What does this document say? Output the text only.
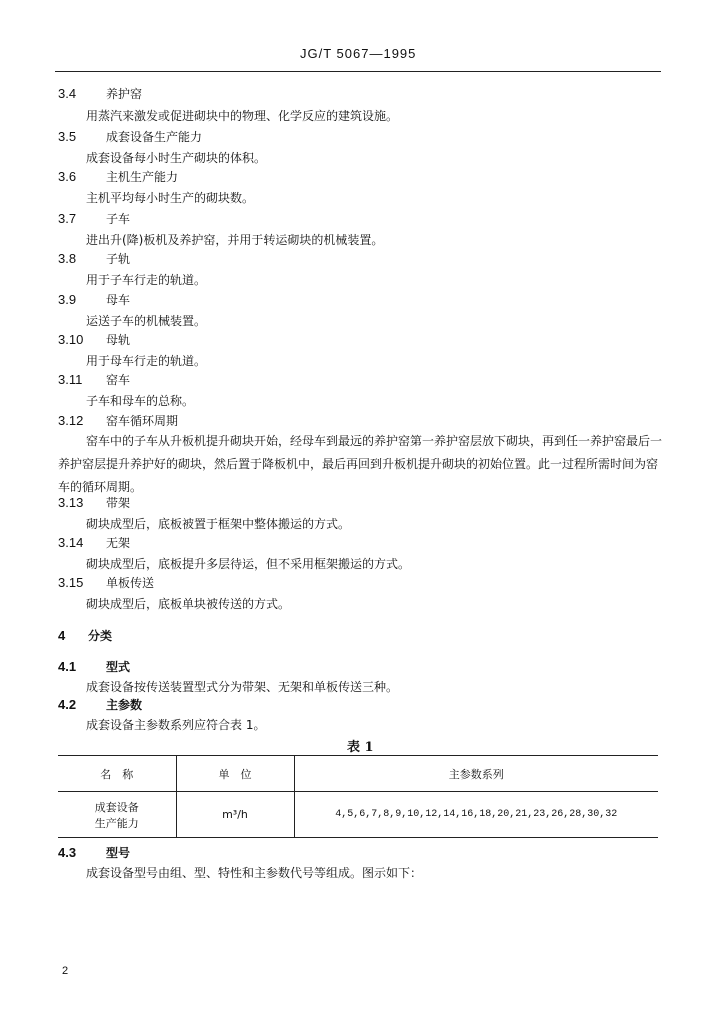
JG/T 5067—1995
3.4 养护窑
用蒸汽来激发或促进砌块中的物理、化学反应的建筑设施。
3.5 成套设备生产能力
成套设备每小时生产砌块的体积。
3.6 主机生产能力
主机平均每小时生产的砌块数。
3.7 子车
进出升(降)板机及养护窑，并用于转运砌块的机械装置。
3.8 子轨
用于子车行走的轨道。
3.9 母车
运送子车的机械装置。
3.10 母轨
用于母车行走的轨道。
3.11 窑车
子车和母车的总称。
3.12 窑车循环周期
窑车中的子车从升板机提升砌块开始，经母车到最远的养护窑第一养护窑层放下砌块，再到任一养护窑最后一养护窑层提升养护好的砌块，然后置于降板机中，最后再回到升板机提升砌块的初始位置。此一过程所需时间为窑车的循环周期。
3.13 带架
砌块成型后，底板被置于框架中整体搬运的方式。
3.14 无架
砌块成型后，底板提升多层待运，但不采用框架搬运的方式。
3.15 单板传送
砌块成型后，底板单块被传送的方式。
4 分类
4.1 型式
成套设备按传送装置型式分为带架、无架和单板传送三种。
4.2 主参数
成套设备主参数系列应符合表 1。
表 1
名　称	单　位	主参数系列

成套设备
生产能力	m³/h	4,5,6,7,8,9,10,12,14,16,18,20,21,23,26,28,30,32
4.3 型号
成套设备型号由组、型、特性和主参数代号等组成。图示如下：
2
